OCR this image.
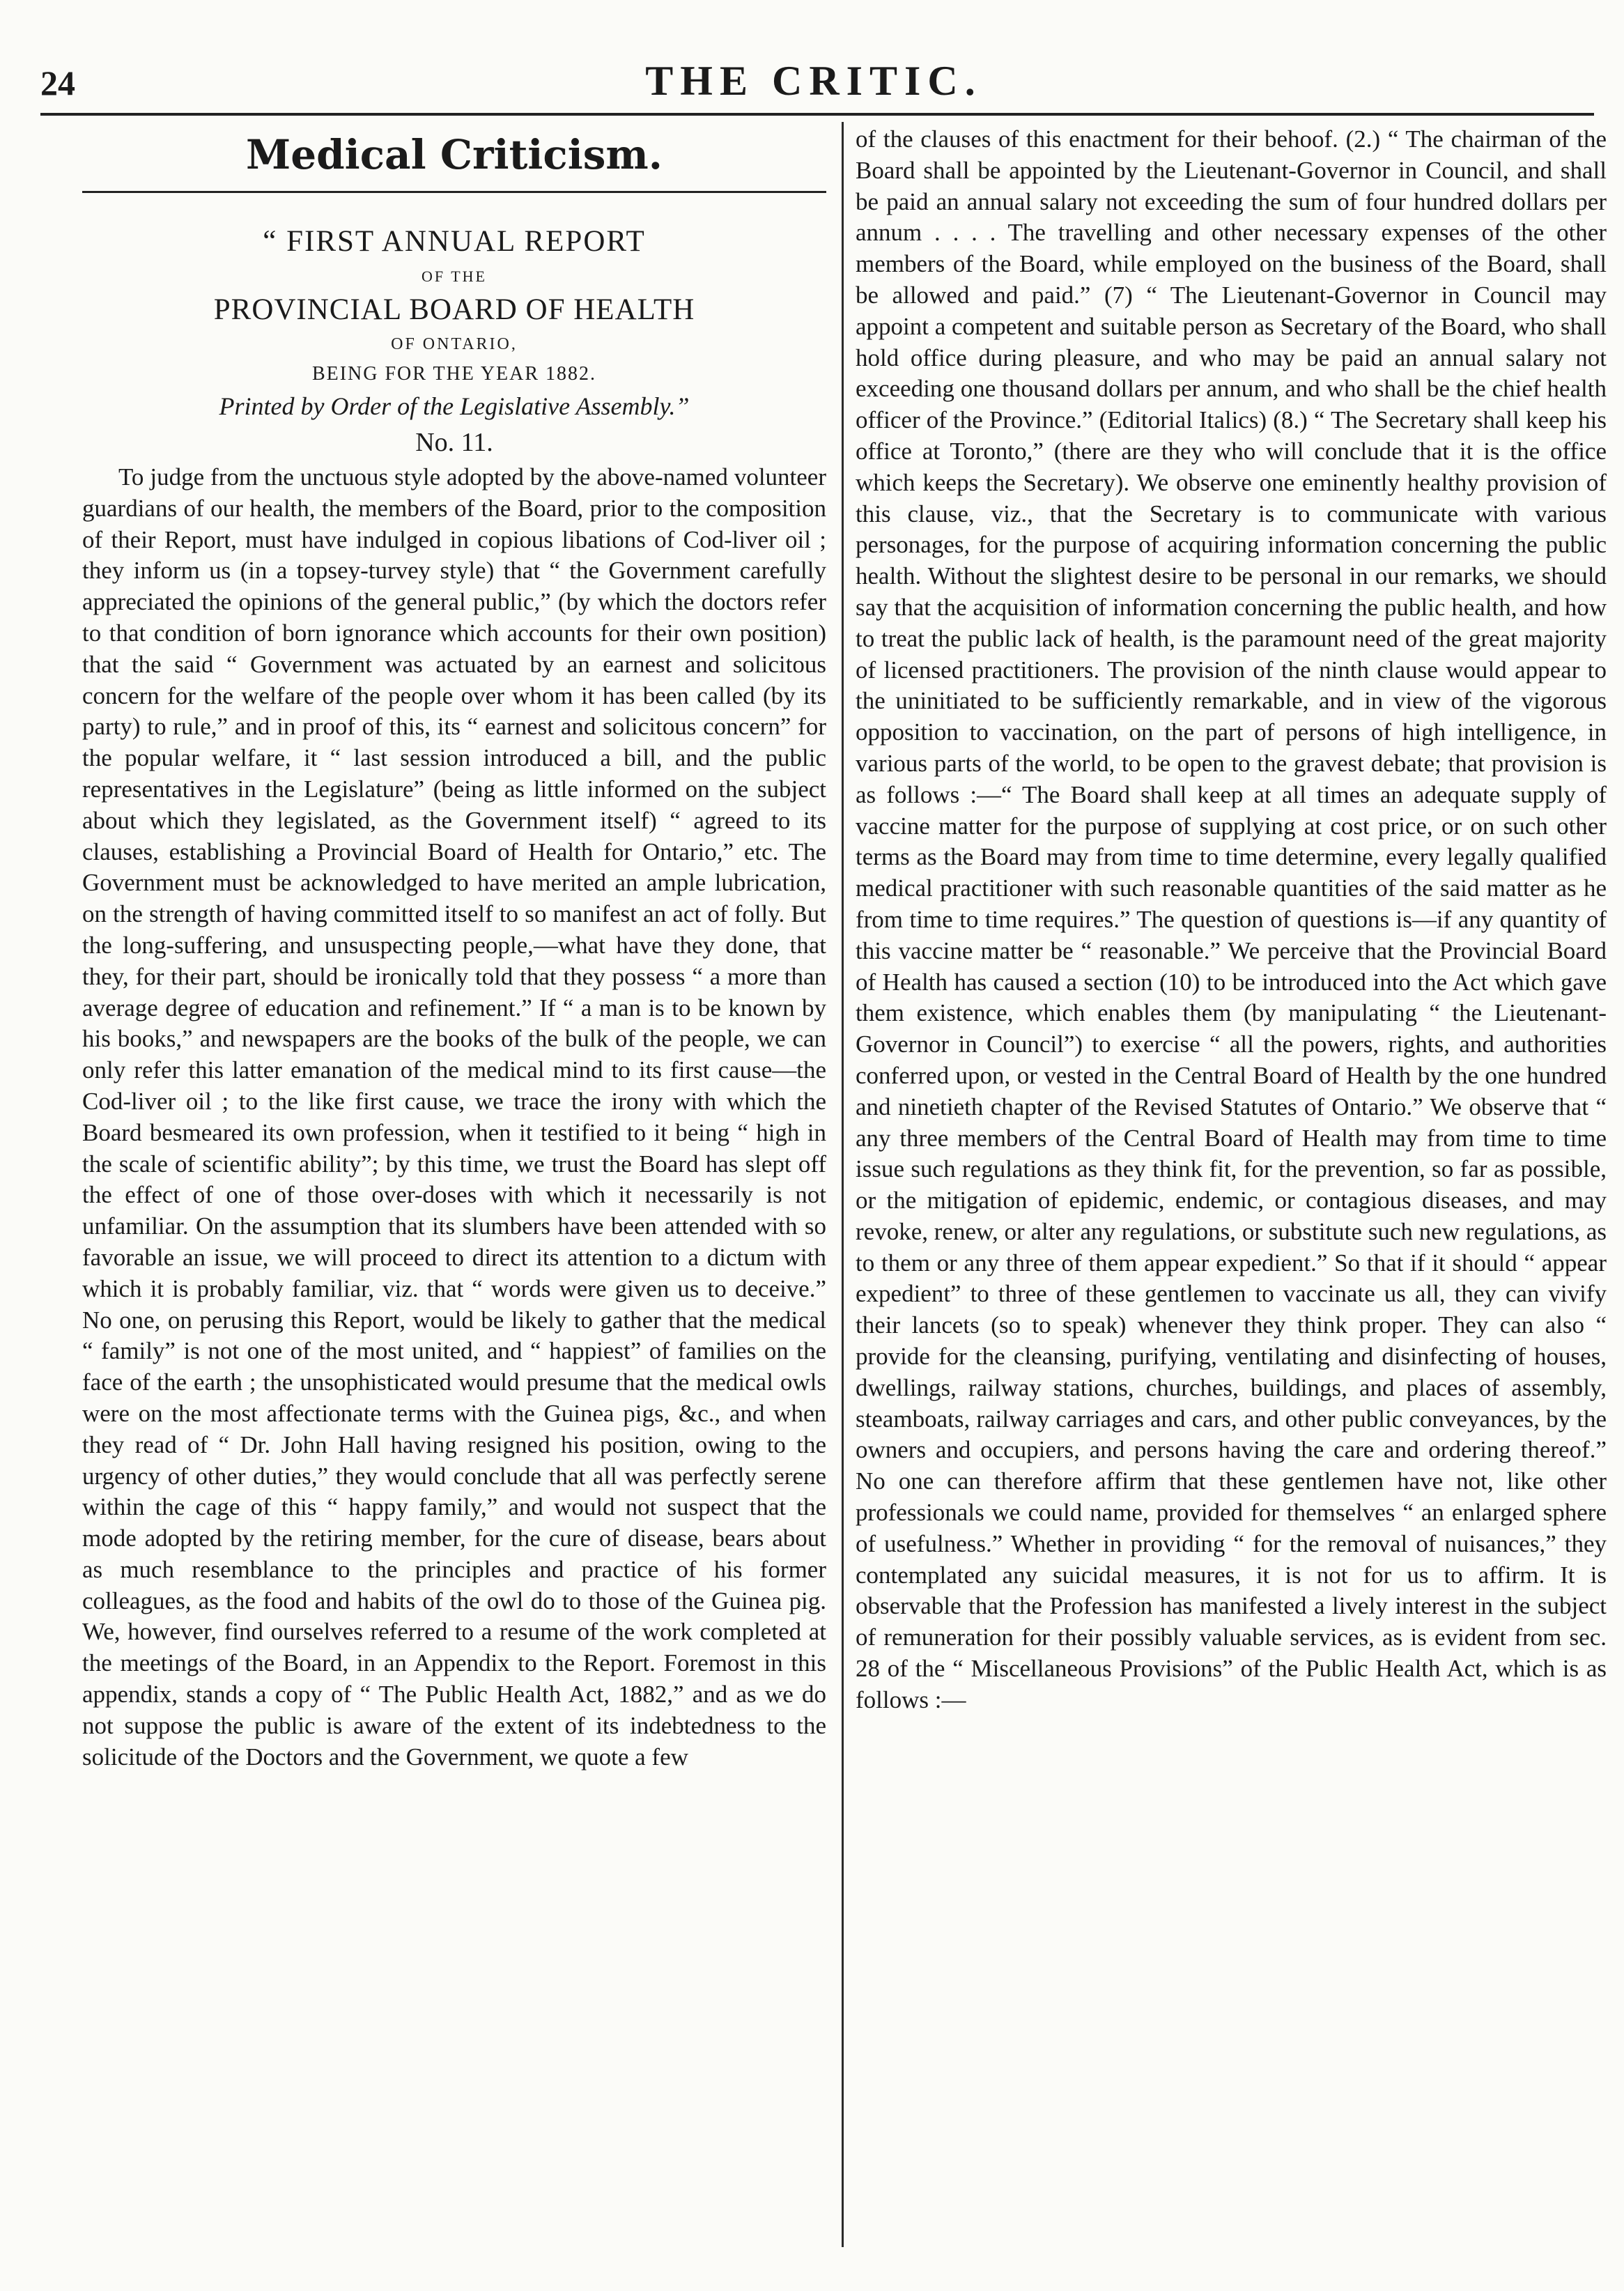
24	THE CRITIC.
Medical Criticism.

“ FIRST ANNUAL REPORT

OF THE

PROVINCIAL BOARD OF HEALTH

OF ONTARIO,

BEING FOR THE YEAR 1882.

Printed by Order of the Legislative Assembly.”

No. 11.

To judge from the unctuous style adopted by the above-named volunteer guardians of our health, the members of the Board, prior to the composition of their Report, must have indulged in copious libations of Cod-liver oil ; they inform us (in a topsey-turvey style) that “ the Government carefully appreciated the opinions of the general public,” (by which the doctors refer to that condition of born ignorance which accounts for their own position) that the said “ Government was actuated by an earnest and solicitous concern for the welfare of the people over whom it has been called (by its party) to rule,” and in proof of this, its “ earnest and solicitous concern” for the popular welfare, it “ last session introduced a bill, and the public representatives in the Legislature” (being as little informed on the subject about which they legislated, as the Government itself) “ agreed to its clauses, establishing a Provincial Board of Health for Ontario,” etc. The Government must be acknowledged to have merited an ample lubrication, on the strength of having committed itself to so manifest an act of folly. But the long-suffering, and unsuspecting people,—what have they done, that they, for their part, should be ironically told that they possess “ a more than average degree of education and refinement.” If “ a man is to be known by his books,” and newspapers are the books of the bulk of the people, we can only refer this latter emanation of the medical mind to its first cause—the Cod-liver oil ; to the like first cause, we trace the irony with which the Board besmeared its own profession, when it testified to it being “ high in the scale of scientific ability”; by this time, we trust the Board has slept off the effect of one of those over-doses with which it necessarily is not unfamiliar. On the assumption that its slumbers have been attended with so favorable an issue, we will proceed to direct its attention to a dictum with which it is probably familiar, viz. that “ words were given us to deceive.” No one, on perusing this Report, would be likely to gather that the medical “ family” is not one of the most united, and “ happiest” of families on the face of the earth ; the unsophisticated would presume that the medical owls were on the most affectionate terms with the Guinea pigs, &c., and when they read of “ Dr. John Hall having resigned his position, owing to the urgency of other duties,” they would conclude that all was perfectly serene within the cage of this “ happy family,” and would not suspect that the mode adopted by the retiring member, for the cure of disease, bears about as much resemblance to the principles and practice of his former colleagues, as the food and habits of the owl do to those of the Guinea pig. We, however, find ourselves referred to a resume of the work completed at the meetings of the Board, in an Appendix to the Report. Foremost in this appendix, stands a copy of “ The Public Health Act, 1882,” and as we do not suppose the public is aware of the extent of its indebtedness to the solicitude of the Doctors and the Government, we quote a few

of the clauses of this enactment for their behoof. (2.) “ The chairman of the Board shall be appointed by the Lieutenant-Governor in Council, and shall be paid an annual salary not exceeding the sum of four hundred dollars per annum . . . . The travelling and other necessary expenses of the other members of the Board, while employed on the business of the Board, shall be allowed and paid.” (7) “ The Lieutenant-Governor in Council may appoint a competent and suitable person as Secretary of the Board, who shall hold office during pleasure, and who may be paid an annual salary not exceeding one thousand dollars per annum, and who shall be the chief health officer of the Province.” (Editorial Italics) (8.) “ The Secretary shall keep his office at Toronto,” (there are they who will conclude that it is the office which keeps the Secretary). We observe one eminently healthy provision of this clause, viz., that the Secretary is to communicate with various personages, for the purpose of acquiring information concerning the public health. Without the slightest desire to be personal in our remarks, we should say that the acquisition of information concerning the public health, and how to treat the public lack of health, is the paramount need of the great majority of licensed practitioners. The provision of the ninth clause would appear to the uninitiated to be sufficiently remarkable, and in view of the vigorous opposition to vaccination, on the part of persons of high intelligence, in various parts of the world, to be open to the gravest debate; that provision is as follows :—“ The Board shall keep at all times an adequate supply of vaccine matter for the purpose of supplying at cost price, or on such other terms as the Board may from time to time determine, every legally qualified medical practitioner with such reasonable quantities of the said matter as he from time to time requires.” The question of questions is—if any quantity of this vaccine matter be “ reasonable.” We perceive that the Provincial Board of Health has caused a section (10) to be introduced into the Act which gave them existence, which enables them (by manipulating “ the Lieutenant-Governor in Council”) to exercise “ all the powers, rights, and authorities conferred upon, or vested in the Central Board of Health by the one hundred and ninetieth chapter of the Revised Statutes of Ontario.” We observe that “ any three members of the Central Board of Health may from time to time issue such regulations as they think fit, for the prevention, so far as possible, or the mitigation of epidemic, endemic, or contagious diseases, and may revoke, renew, or alter any regulations, or substitute such new regulations, as to them or any three of them appear expedient.” So that if it should “ appear expedient” to three of these gentlemen to vaccinate us all, they can vivify their lancets (so to speak) whenever they think proper. They can also “ provide for the cleansing, purifying, ventilating and disinfecting of houses, dwellings, railway stations, churches, buildings, and places of assembly, steamboats, railway carriages and cars, and other public conveyances, by the owners and occupiers, and persons having the care and ordering thereof.” No one can therefore affirm that these gentlemen have not, like other professionals we could name, provided for themselves “ an enlarged sphere of usefulness.” Whether in providing “ for the removal of nuisances,” they contemplated any suicidal measures, it is not for us to affirm. It is observable that the Profession has manifested a lively interest in the subject of remuneration for their possibly valuable services, as is evident from sec. 28 of the “ Miscellaneous Provisions” of the Public Health Act, which is as follows :—
